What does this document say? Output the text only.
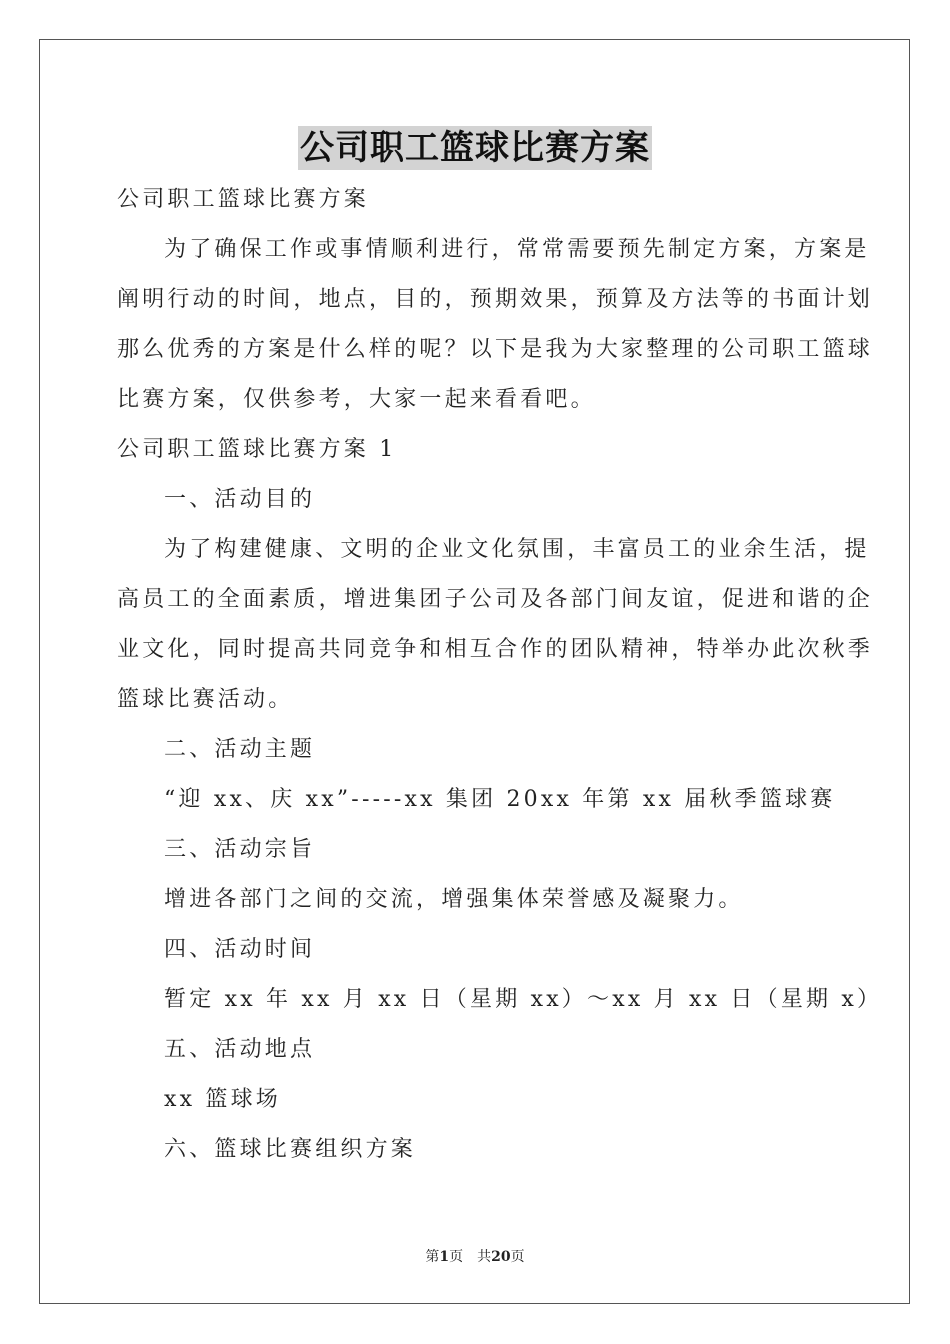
公司职工篮球比赛方案
公司职工篮球比赛方案
为了确保工作或事情顺利进行，常常需要预先制定方案，方案是
阐明行动的时间，地点，目的，预期效果，预算及方法等的书面计划
那么优秀的方案是什么样的呢？以下是我为大家整理的公司职工篮球
比赛方案，仅供参考，大家一起来看看吧。
公司职工篮球比赛方案 1
一、活动目的
为了构建健康、文明的企业文化氛围，丰富员工的业余生活，提
高员工的全面素质，增进集团子公司及各部门间友谊，促进和谐的企
业文化，同时提高共同竞争和相互合作的团队精神，特举办此次秋季
篮球比赛活动。
二、活动主题
“迎 xx、庆 xx”-----xx 集团 20xx 年第 xx 届秋季篮球赛
三、活动宗旨
增进各部门之间的交流，增强集体荣誉感及凝聚力。
四、活动时间
暂定 xx 年 xx 月 xx 日（星期 xx）～xx 月 xx 日（星期 x）
五、活动地点
xx 篮球场
六、篮球比赛组织方案
第1页　共20页
